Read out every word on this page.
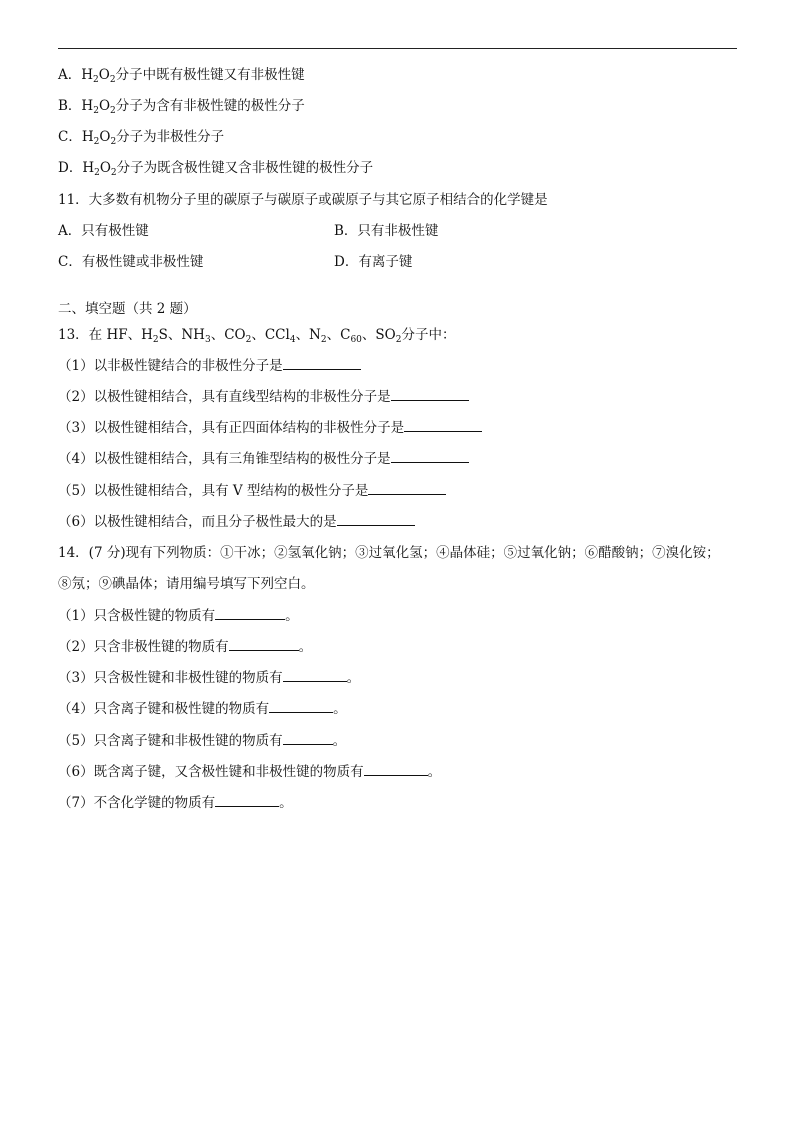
A．$H_2O_2$分子中既有极性键又有非极性键
B．$H_2O_2$分子为含有非极性键的极性分子
C．$H_2O_2$分子为非极性分子
D．$H_2O_2$分子为既含极性键又含非极性键的极性分子
11．大多数有机物分子里的碳原子与碳原子或碳原子与其它原子相结合的化学键是
A．只有极性键	B．只有非极性键
C．有极性键或非极性键	D．有离子键
二、填空题（共 2 题）
13．在 HF、$H_2S$、$NH_3$、$CO_2$、CCl$_4$、$N_2$、$C_{60}$、$SO_2$分子中：
（1）以非极性键结合的非极性分子是
（2）以极性键相结合，具有直线型结构的非极性分子是
（3）以极性键相结合，具有正四面体结构的非极性分子是
（4）以极性键相结合，具有三角锥型结构的极性分子是
（5）以极性键相结合，具有 V 型结构的极性分子是
（6）以极性键相结合，而且分子极性最大的是
14．(7 分)现有下列物质：①干冰；②氢氧化钠；③过氧化氢；④晶体硅；⑤过氧化钠；⑥醋酸钠；⑦溴化铵；
⑧氖；⑨碘晶体；请用编号填写下列空白。
（1）只含极性键的物质有	。
（2）只含非极性键的物质有	。
（3）只含极性键和非极性键的物质有	。
（4）只含离子键和极性键的物质有	。
（5）只含离子键和非极性键的物质有	。
（6）既含离子键，又含极性键和非极性键的物质有	。
（7）不含化学键的物质有	。
